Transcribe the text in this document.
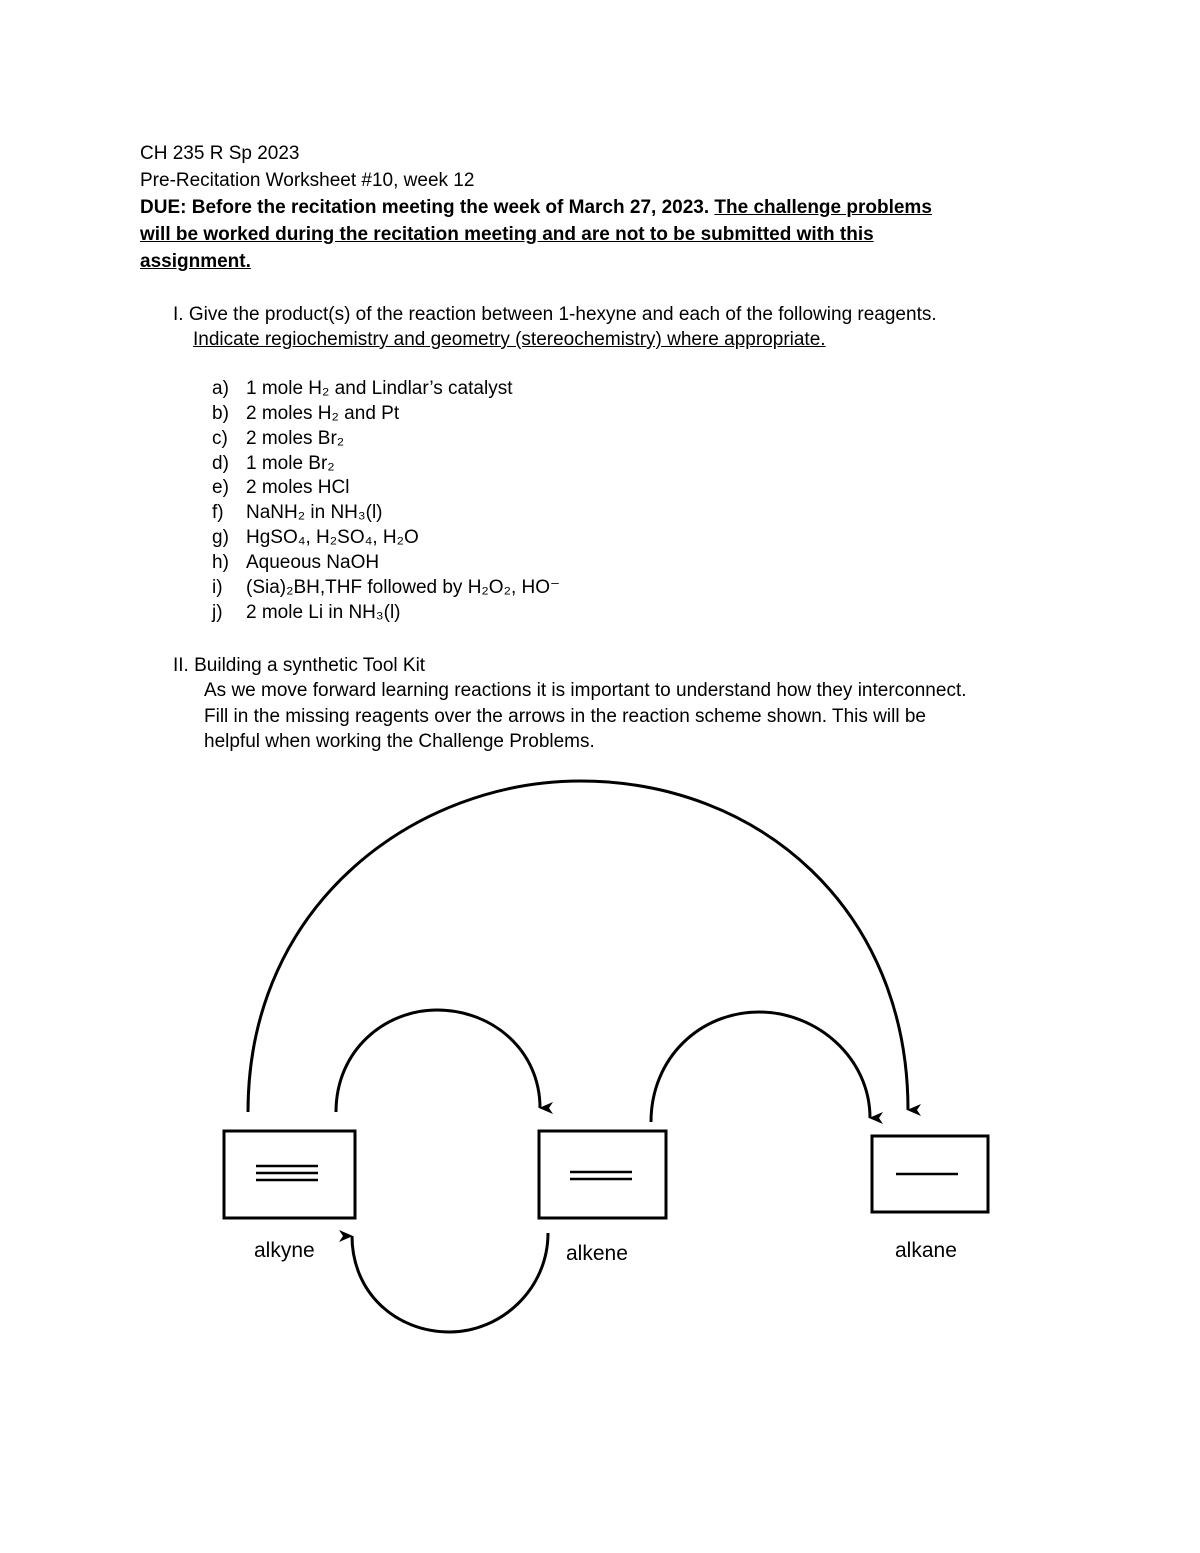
CH 235 R Sp 2023
Pre-Recitation Worksheet #10, week 12
DUE: Before the recitation meeting the week of March 27, 2023. The challenge problems
will be worked during the recitation meeting and are not to be submitted with this
assignment.
I. Give the product(s) of the reaction between 1-hexyne and each of the following reagents.
Indicate regiochemistry and geometry (stereochemistry) where appropriate.
a) 1 mole H₂ and Lindlar’s catalyst
b) 2 moles H₂ and Pt
c) 2 moles Br₂
d) 1 mole Br₂
e) 2 moles HCl
f) NaNH₂ in NH₃(l)
g) HgSO₄, H₂SO₄, H₂O
h) Aqueous NaOH
i) (Sia)₂BH,THF followed by H₂O₂, HO⁻
j) 2 mole Li in NH₃(l)
II. Building a synthetic Tool Kit
As we move forward learning reactions it is important to understand how they interconnect.
Fill in the missing reagents over the arrows in the reaction scheme shown. This will be
helpful when working the Challenge Problems.
alkyne	alkene	alkane
